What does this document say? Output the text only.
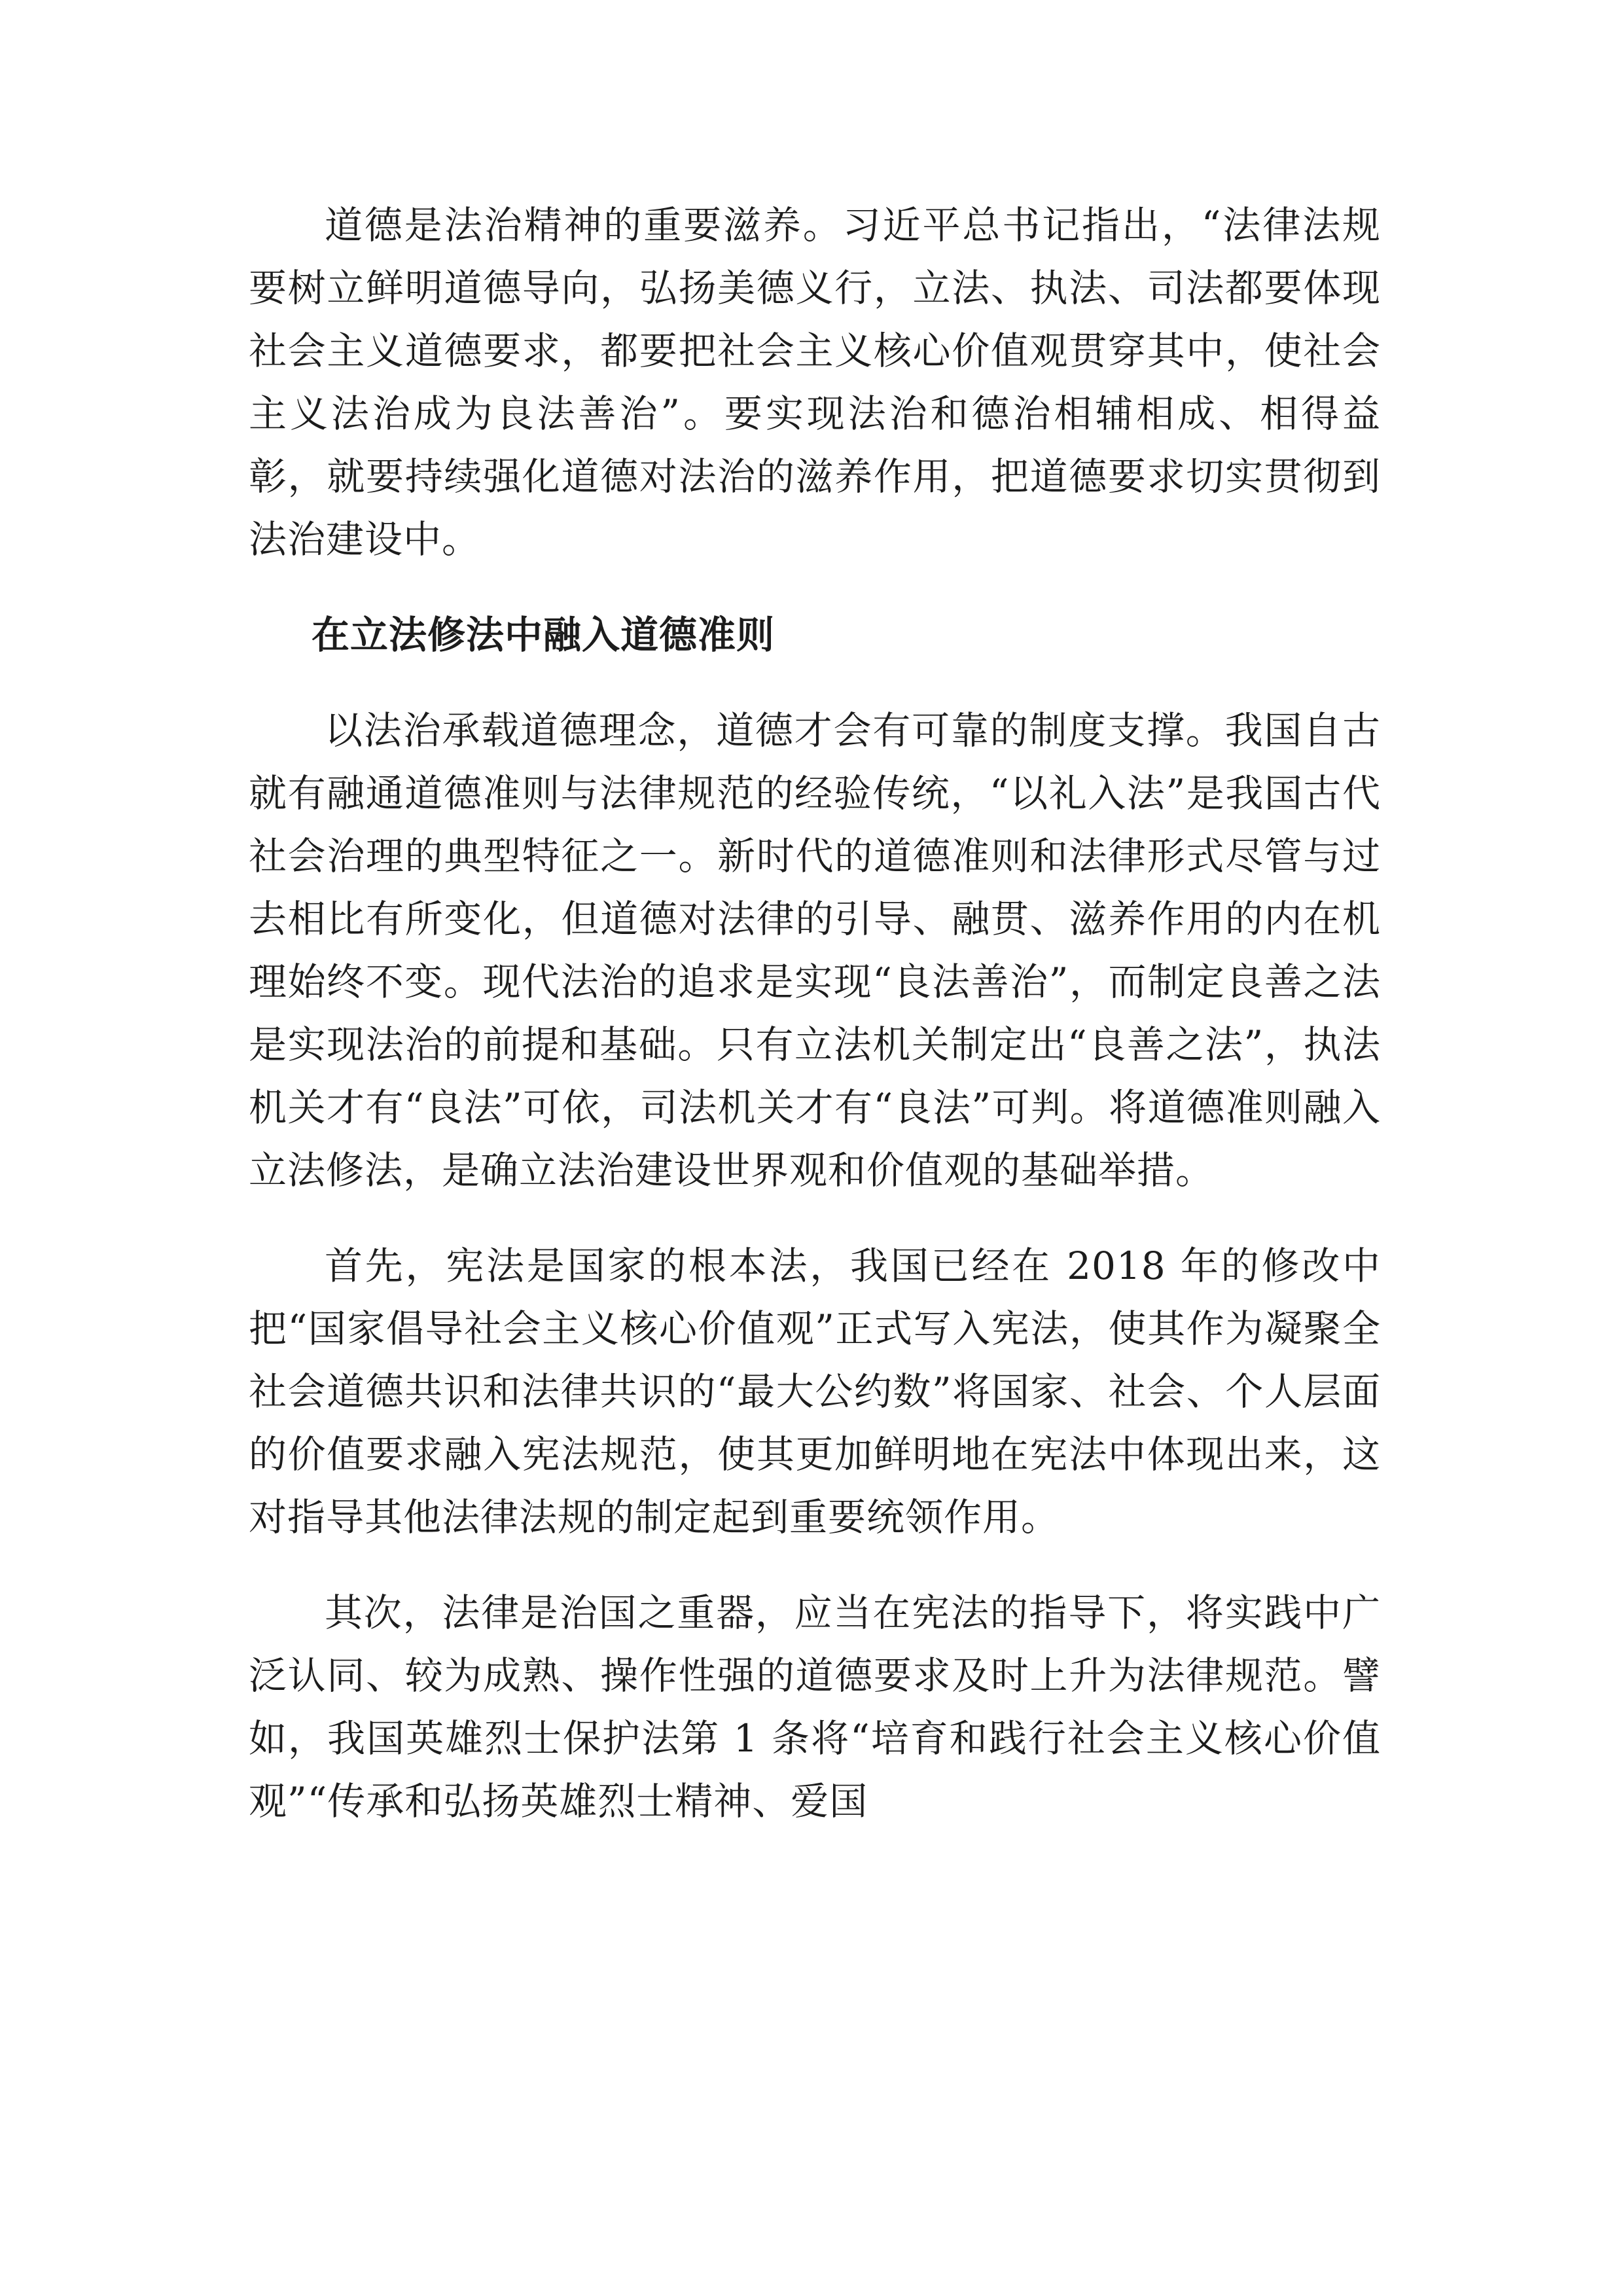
道德是法治精神的重要滋养。习近平总书记指出，“法律法规要树立鲜明道德导向，弘扬美德义行，立法、执法、司法都要体现社会主义道德要求，都要把社会主义核心价值观贯穿其中，使社会主义法治成为良法善治”。要实现法治和德治相辅相成、相得益彰，就要持续强化道德对法治的滋养作用，把道德要求切实贯彻到法治建设中。

在立法修法中融入道德准则

以法治承载道德理念，道德才会有可靠的制度支撑。我国自古就有融通道德准则与法律规范的经验传统，“以礼入法”是我国古代社会治理的典型特征之一。新时代的道德准则和法律形式尽管与过去相比有所变化，但道德对法律的引导、融贯、滋养作用的内在机理始终不变。现代法治的追求是实现“良法善治”，而制定良善之法是实现法治的前提和基础。只有立法机关制定出“良善之法”，执法机关才有“良法”可依，司法机关才有“良法”可判。将道德准则融入立法修法，是确立法治建设世界观和价值观的基础举措。

首先，宪法是国家的根本法，我国已经在 2018 年的修改中把“国家倡导社会主义核心价值观”正式写入宪法，使其作为凝聚全社会道德共识和法律共识的“最大公约数”将国家、社会、个人层面的价值要求融入宪法规范，使其更加鲜明地在宪法中体现出来，这对指导其他法律法规的制定起到重要统领作用。

其次，法律是治国之重器，应当在宪法的指导下，将实践中广泛认同、较为成熟、操作性强的道德要求及时上升为法律规范。譬如，我国英雄烈士保护法第 1 条将“培育和践行社会主义核心价值观”“传承和弘扬英雄烈士精神、爱国
